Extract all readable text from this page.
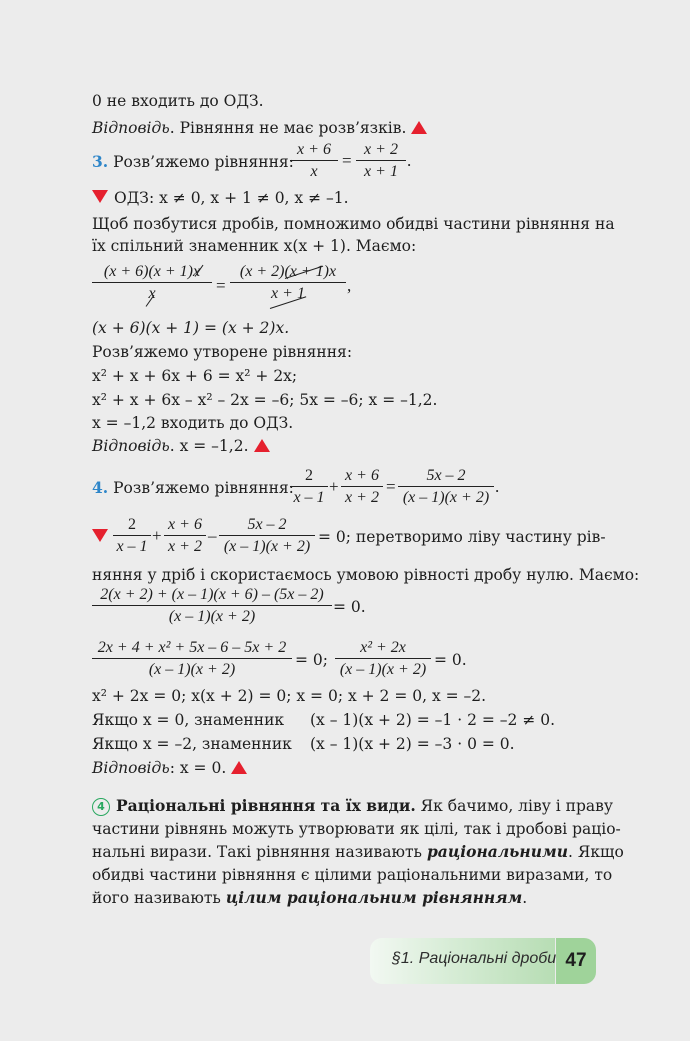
0 не входить до ОДЗ.
Відповідь. Рівняння не має розв’язків.
3. Розв’яжемо рівняння:
x + 6
x
=
x + 2
x + 1
.
ОДЗ: x ≠ 0, x + 1 ≠ 0, x ≠ –1.
Щоб позбутися дробів, помножимо обидві частини рівняння на
їх спільний знаменник x(x + 1). Маємо:
(x + 6)(x + 1)x
x	=
(x + 2)(x + 1)x
x + 1	,
(x + 6)(x + 1) = (x + 2)x.
Розв’яжемо утворене рівняння:
x² + x + 6x + 6 = x² + 2x;
x² + x + 6x – x² – 2x = –6; 5x = –6; x = –1,2.
x = –1,2 входить до ОДЗ.
Відповідь. x = –1,2.
4. Розв’яжемо рівняння:
2
x – 1
+
x + 6
x + 2
=
5x – 2
(x – 1)(x + 2)
.
2
x – 1
+
x + 6
x + 2
–
5x – 2
(x – 1)(x + 2)
= 0; перетворимо ліву частину рів-
няння у дріб і скористаємось умовою рівності дробу нулю. Маємо:
2(x + 2) + (x – 1)(x + 6) – (5x – 2)
(x – 1)(x + 2)
= 0.
2x + 4 + x² + 5x – 6 – 5x + 2
(x – 1)(x + 2)
= 0;
x² + 2x
(x – 1)(x + 2)
= 0.
x² + 2x = 0; x(x + 2) = 0; x = 0; x + 2 = 0, x = –2.
Якщо x = 0, знаменник (x – 1)(x + 2) = –1 · 2 = –2 ≠ 0.
Якщо x = –2, знаменник (x – 1)(x + 2) = –3 · 0 = 0.
Відповідь: x = 0.
4 Раціональні рівняння та їх види. Як бачимо, ліву і праву
частини рівнянь можуть утворювати як цілі, так і дробові раціо-
нальні вирази. Такі рівняння називають раціональними. Якщо
обидві частини рівняння є цілими раціональними виразами, то
його називають цілим раціональним рівнянням.
§1. Раціональні дроби 47
